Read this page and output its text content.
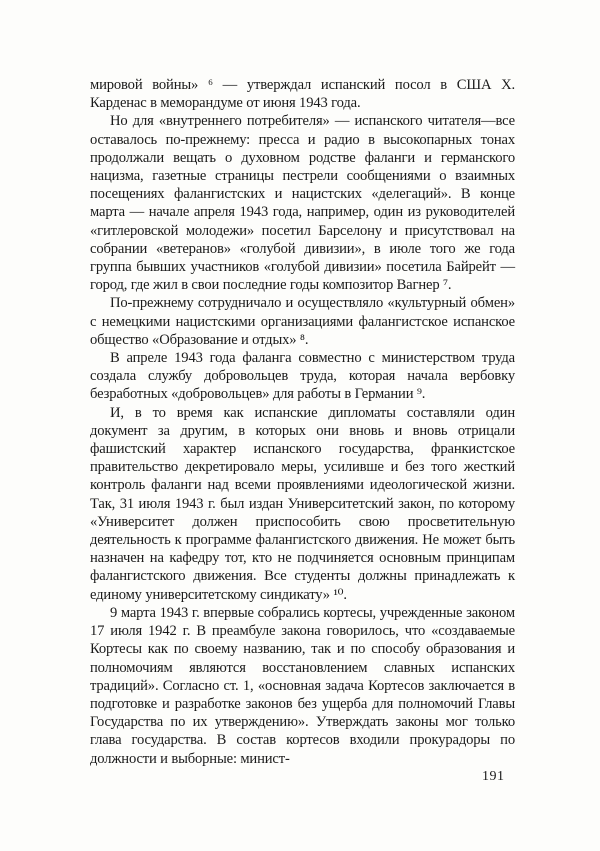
мировой войны» ⁶ — утверждал испанский посол в США Х. Карденас в меморандуме от июня 1943 года.

Но для «внутреннего потребителя» — испанского читателя—все оставалось по-прежнему: пресса и радио в высокопарных тонах продолжали вещать о духовном родстве фаланги и германского нацизма, газетные страницы пестрели сообщениями о взаимных посещениях фалангистских и нацистских «делегаций». В конце марта — начале апреля 1943 года, например, один из руководителей «гитлеровской молодежи» посетил Барселону и присутствовал на собрании «ветеранов» «голубой дивизии», в июле того же года группа бывших участников «голубой дивизии» посетила Байрейт — город, где жил в свои последние годы композитор Вагнер ⁷.

По-прежнему сотрудничало и осуществляло «культурный обмен» с немецкими нацистскими организациями фалангистское испанское общество «Образование и отдых» ⁸.

В апреле 1943 года фаланга совместно с министерством труда создала службу добровольцев труда, которая начала вербовку безработных «добровольцев» для работы в Германии ⁹.

И, в то время как испанские дипломаты составляли один документ за другим, в которых они вновь и вновь отрицали фашистский характер испанского государства, франкистское правительство декретировало меры, усиливше и без того жесткий контроль фаланги над всеми проявлениями идеологической жизни. Так, 31 июля 1943 г. был издан Университетский закон, по которому «Университет должен приспособить свою просветительную деятельность к программе фалангистского движения. Не может быть назначен на кафедру тот, кто не подчиняется основным принципам фалангистского движения. Все студенты должны принадлежать к единому университетскому синдикату» ¹⁰.

9 марта 1943 г. впервые собрались кортесы, учрежденные законом 17 июля 1942 г. В преамбуле закона говорилось, что «создаваемые Кортесы как по своему названию, так и по способу образования и полномочиям являются восстановлением славных испанских традиций». Согласно ст. 1, «основная задача Кортесов заключается в подготовке и разработке законов без ущерба для полномочий Главы Государства по их утверждению». Утверждать законы мог только глава государства. В состав кортесов входили прокурадоры по должности и выборные: минист-

191
